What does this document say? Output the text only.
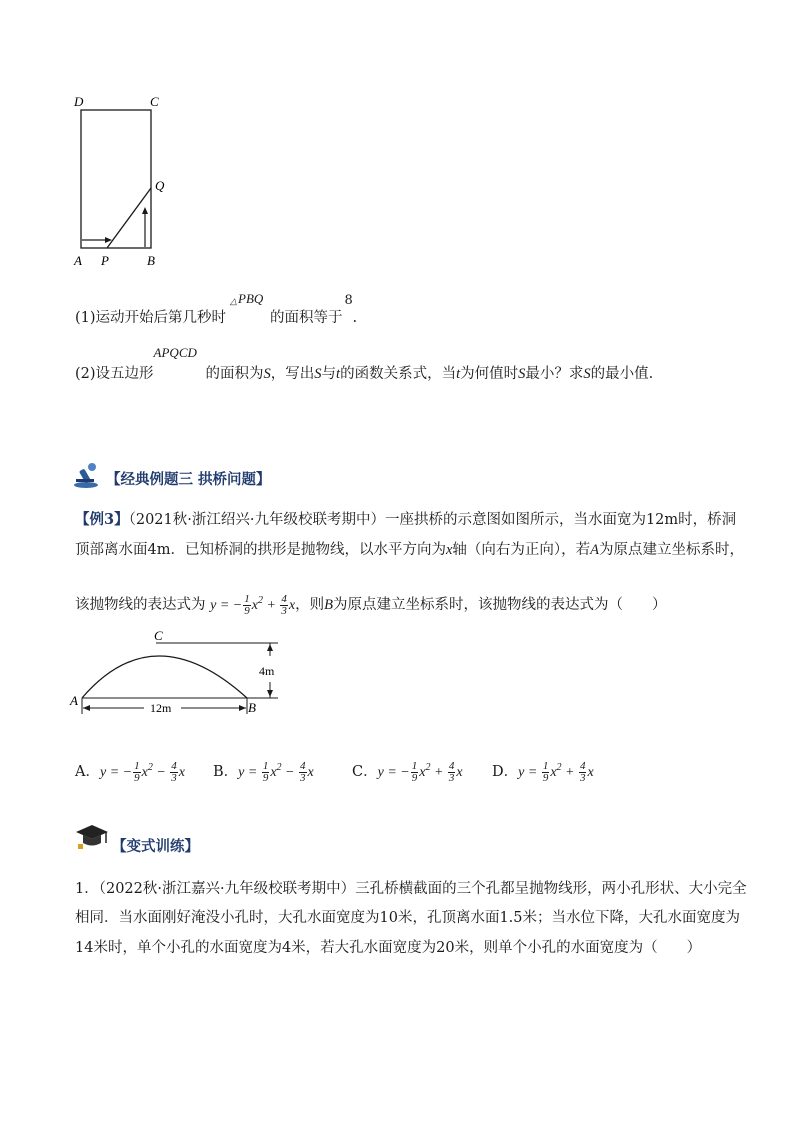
D	C
Q
A P	B
(1)运动开始后第几秒时
△ PBQ
的面积等于
8
.
(2)设五边形
APQCD
的面积为S，写出S与t的函数关系式，当t为何值时S最小？求S的最小值.
【经典例题三 拱桥问题】
【例3】（2021秋·浙江绍兴·九年级校联考期中）一座拱桥的示意图如图所示，当水面宽为12m时，桥洞
顶部离水面4m．已知桥洞的拱形是抛物线，以水平方向为x轴（向右为正向），若A为原点建立坐标系时，
该抛物线的表达式为 y = − $\frac{1}{9} x^2 + \frac{4}{3}$ x，则B为原点建立坐标系时，该抛物线的表达式为（　　）
C
A	B
4m
12m
A．y = − $\frac{1}{9} x^2 - \frac{4}{3}$ x B．$y = \frac{1}{9} x^2 - \frac{4}{3}$ x	C．y = − $\frac{1}{9} x^2 + \frac{4}{3}$ x D．$y = \frac{1}{9} x^2 + \frac{4}{3}$ x
【变式训练】
1．（2022秋·浙江嘉兴·九年级校联考期中）三孔桥横截面的三个孔都呈抛物线形，两小孔形状、大小完全
相同．当水面刚好淹没小孔时，大孔水面宽度为10米，孔顶离水面1.5米；当水位下降，大孔水面宽度为
14米时，单个小孔的水面宽度为4米，若大孔水面宽度为20米，则单个小孔的水面宽度为（　　）
